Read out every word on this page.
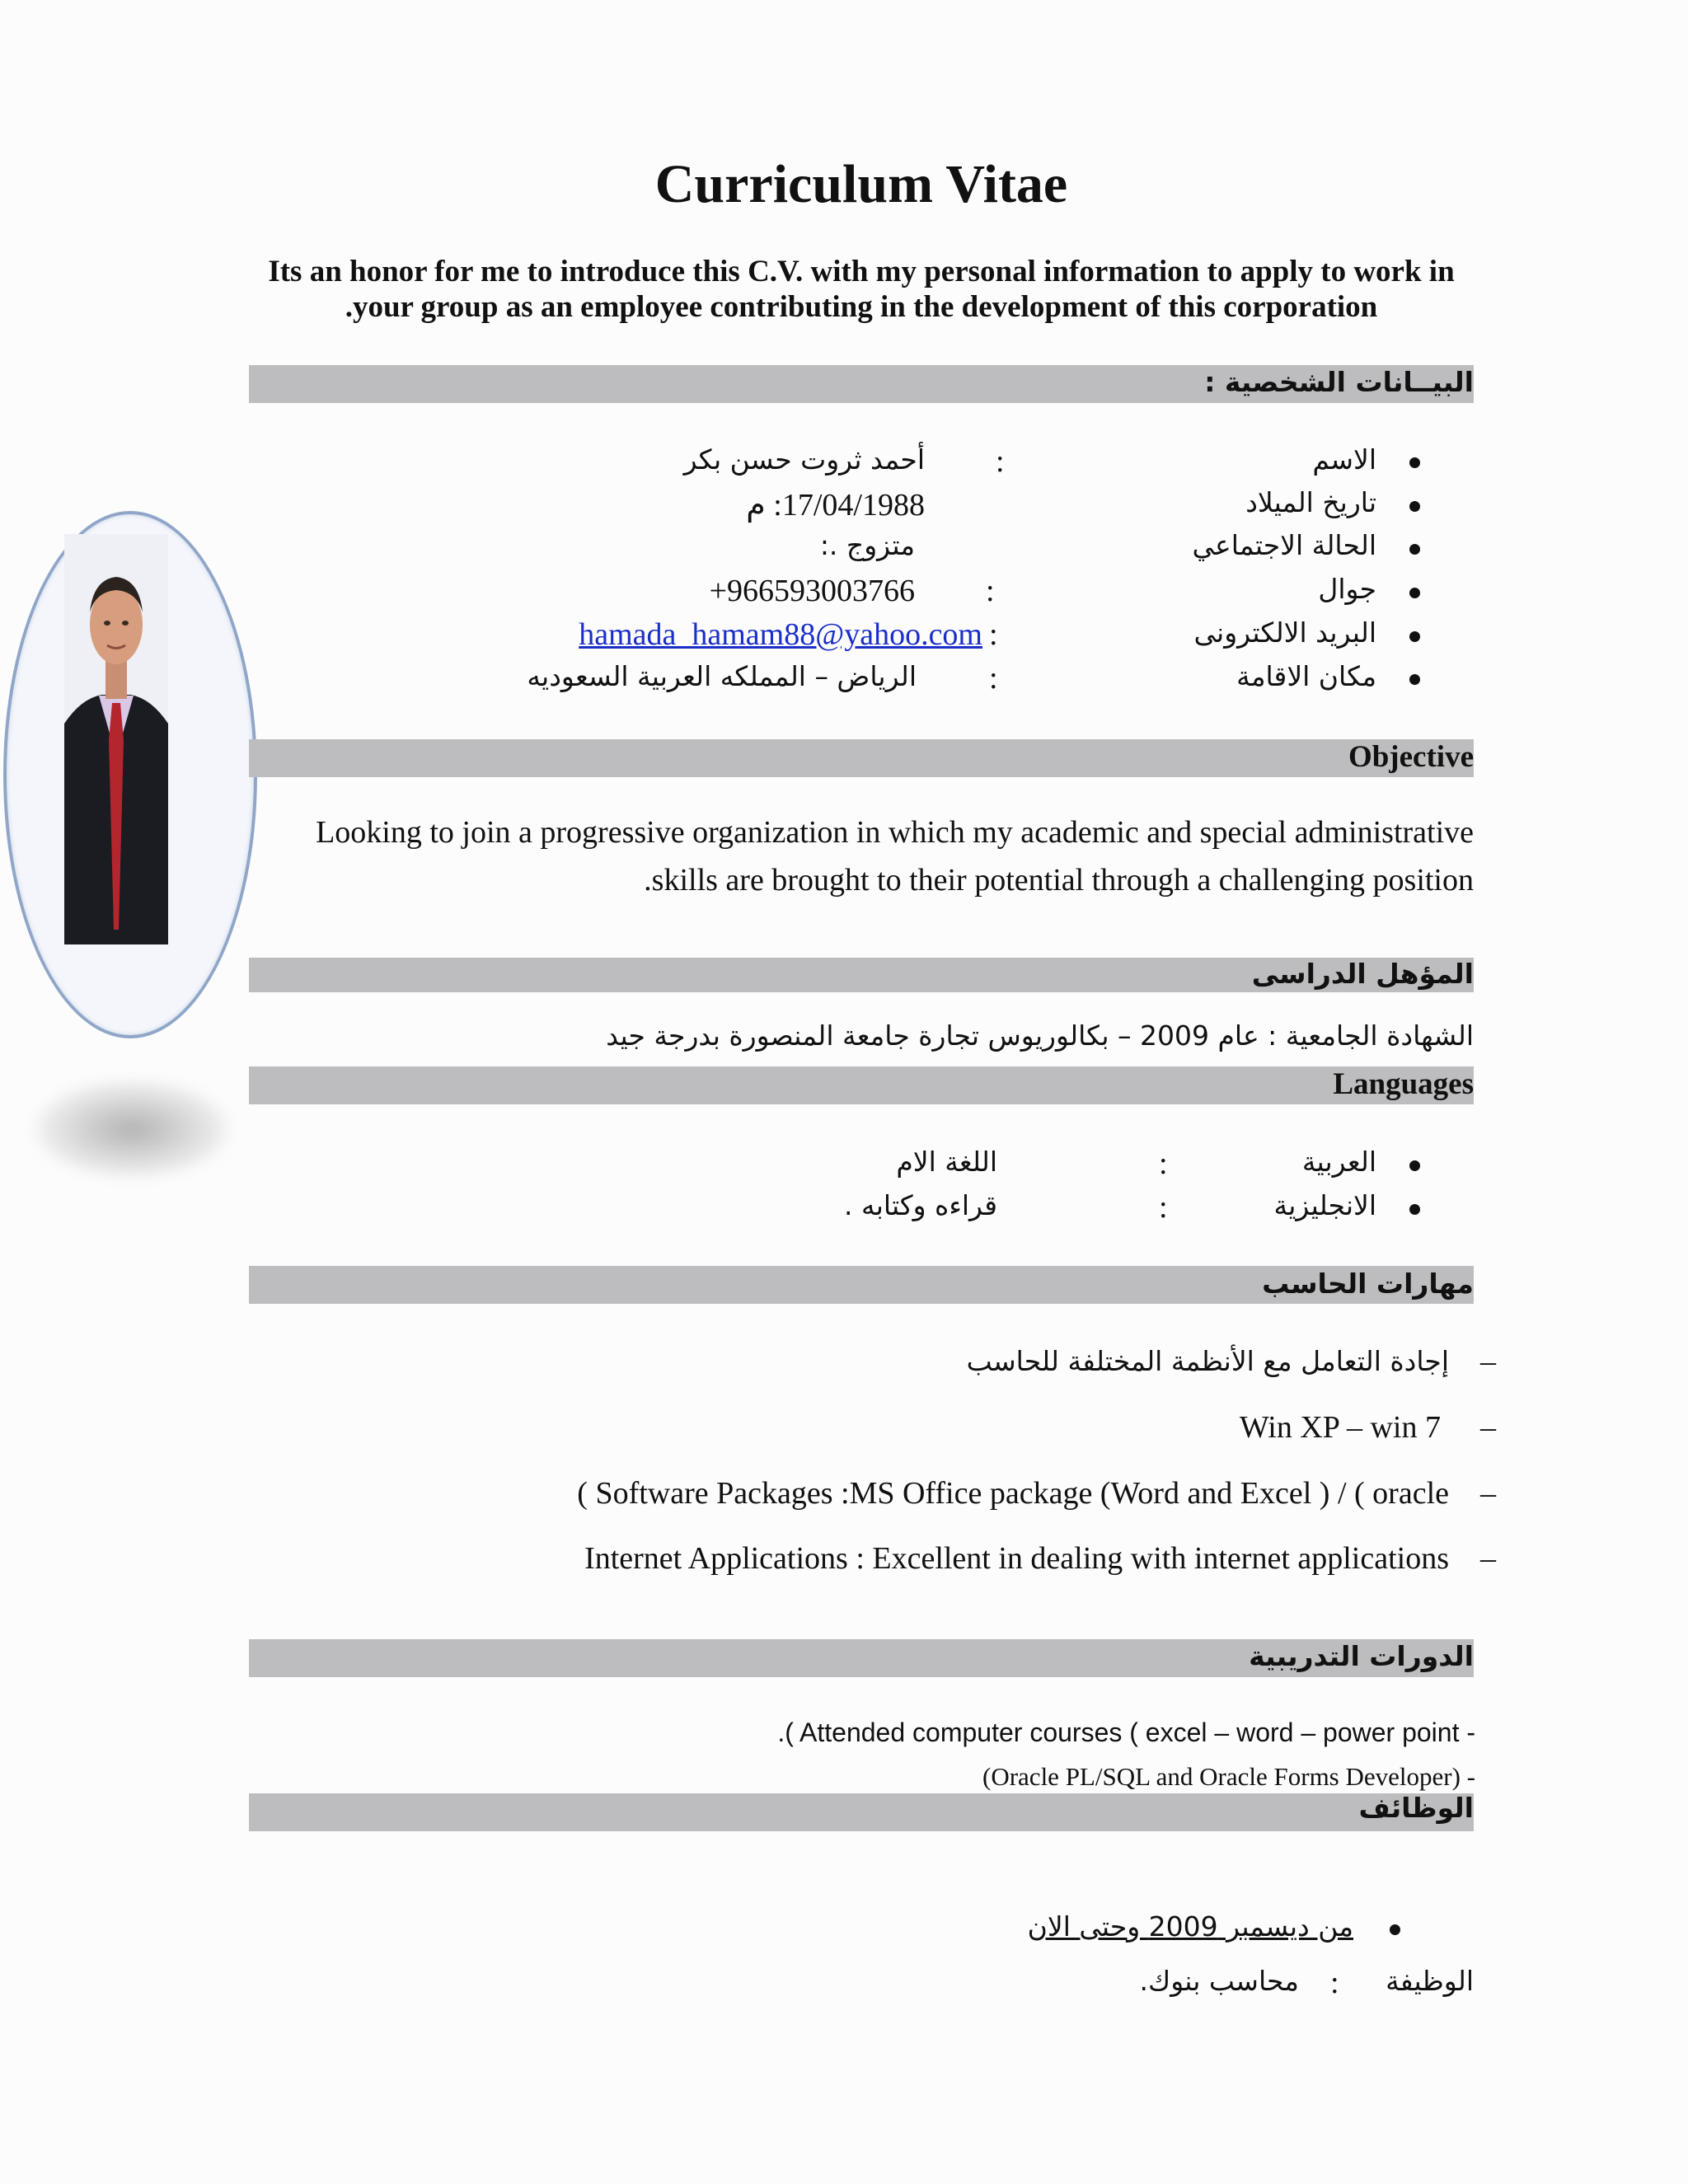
Curriculum Vitae
Its an honor for me to introduce this C.V. with my personal information to apply to work in
.your group as an employee contributing in the development of this corporation
البيــانات الشخصية :
الاسم
:
أحمد ثروت حسن بكر
تاريخ الميلاد
17/04/1988: م
الحالة الاجتماعي
متزوج .:
جوال
:
966593003766+
البريد الالكترونى
:
hamada_hamam88@yahoo.com
مكان الاقامة
:
الرياض – المملكه العربية السعوديه
Objective
Looking to join a progressive organization in which my academic and special administrative
.skills are brought to their potential through a challenging position
المؤهل الدراسى
الشهادة الجامعية : عام 2009 – بكالوريوس تجارة جامعة المنصورة بدرجة جيد
Languages
العربية
:
اللغة الام
الانجليزية
:
قراءه وكتابه .
مهارات الحاسب
–
إجادة التعامل مع الأنظمة المختلفة للحاسب
–
Win XP – win 7
–
( Software Packages :MS Office package (Word and Excel ) / ( oracle
–
Internet Applications : Excellent in dealing with internet applications
الدورات التدريبية
.( Attended computer courses ( excel – word – power point -
(Oracle PL/SQL and Oracle Forms Developer) -
الوظائف
من ديسمبر 2009 وحتى الان
الوظيفة
:
محاسب بنوك.
